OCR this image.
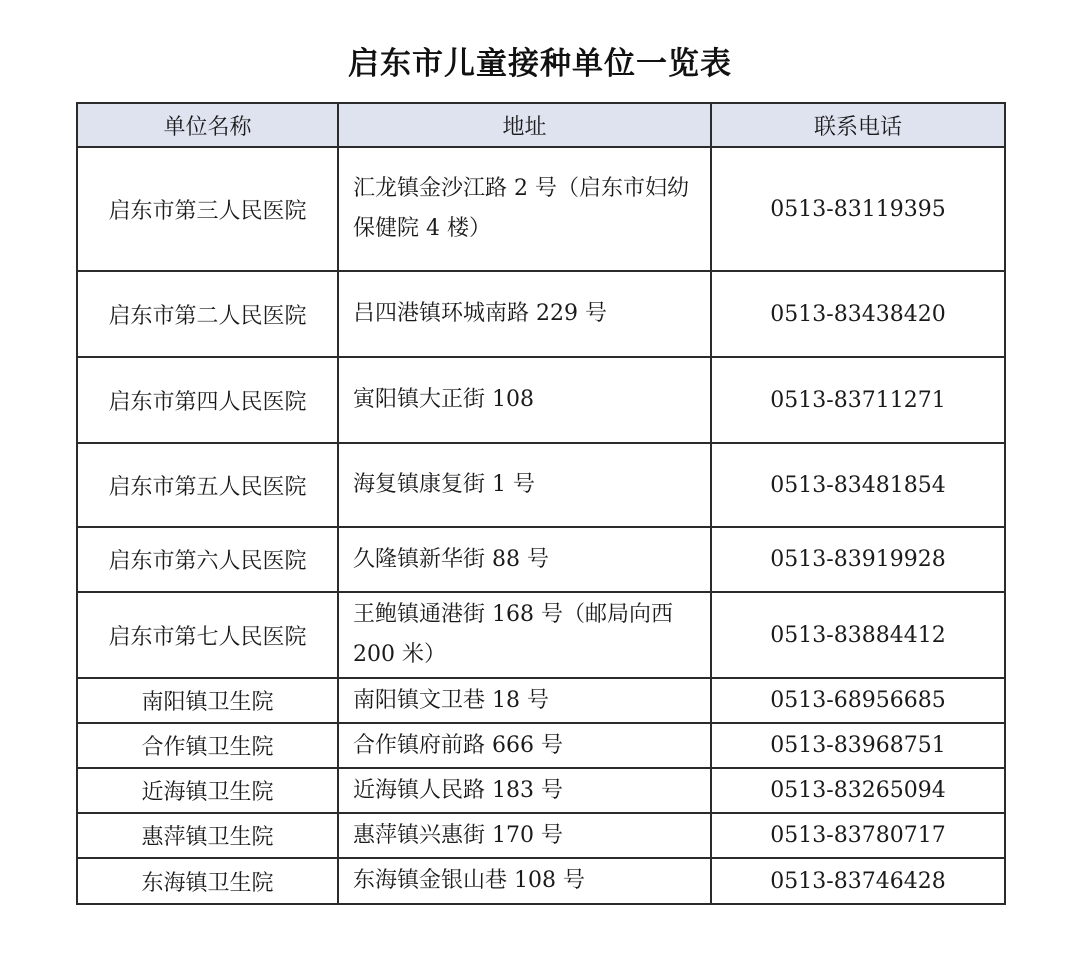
启东市儿童接种单位一览表
单位名称	地址	联系电话
启东市第三人民医院	汇龙镇金沙江路 2 号（启东市妇幼保健院 4 楼）	0513-83119395
启东市第二人民医院	吕四港镇环城南路 229 号	0513-83438420
启东市第四人民医院	寅阳镇大正街 108	0513-83711271
启东市第五人民医院	海复镇康复街 1 号	0513-83481854
启东市第六人民医院	久隆镇新华街 88 号	0513-83919928
启东市第七人民医院	王鲍镇通港街 168 号（邮局向西 200 米）	0513-83884412
南阳镇卫生院	南阳镇文卫巷 18 号	0513-68956685
合作镇卫生院	合作镇府前路 666 号	0513-83968751
近海镇卫生院	近海镇人民路 183 号	0513-83265094
惠萍镇卫生院	惠萍镇兴惠街 170 号	0513-83780717
东海镇卫生院	东海镇金银山巷 108 号	0513-83746428
